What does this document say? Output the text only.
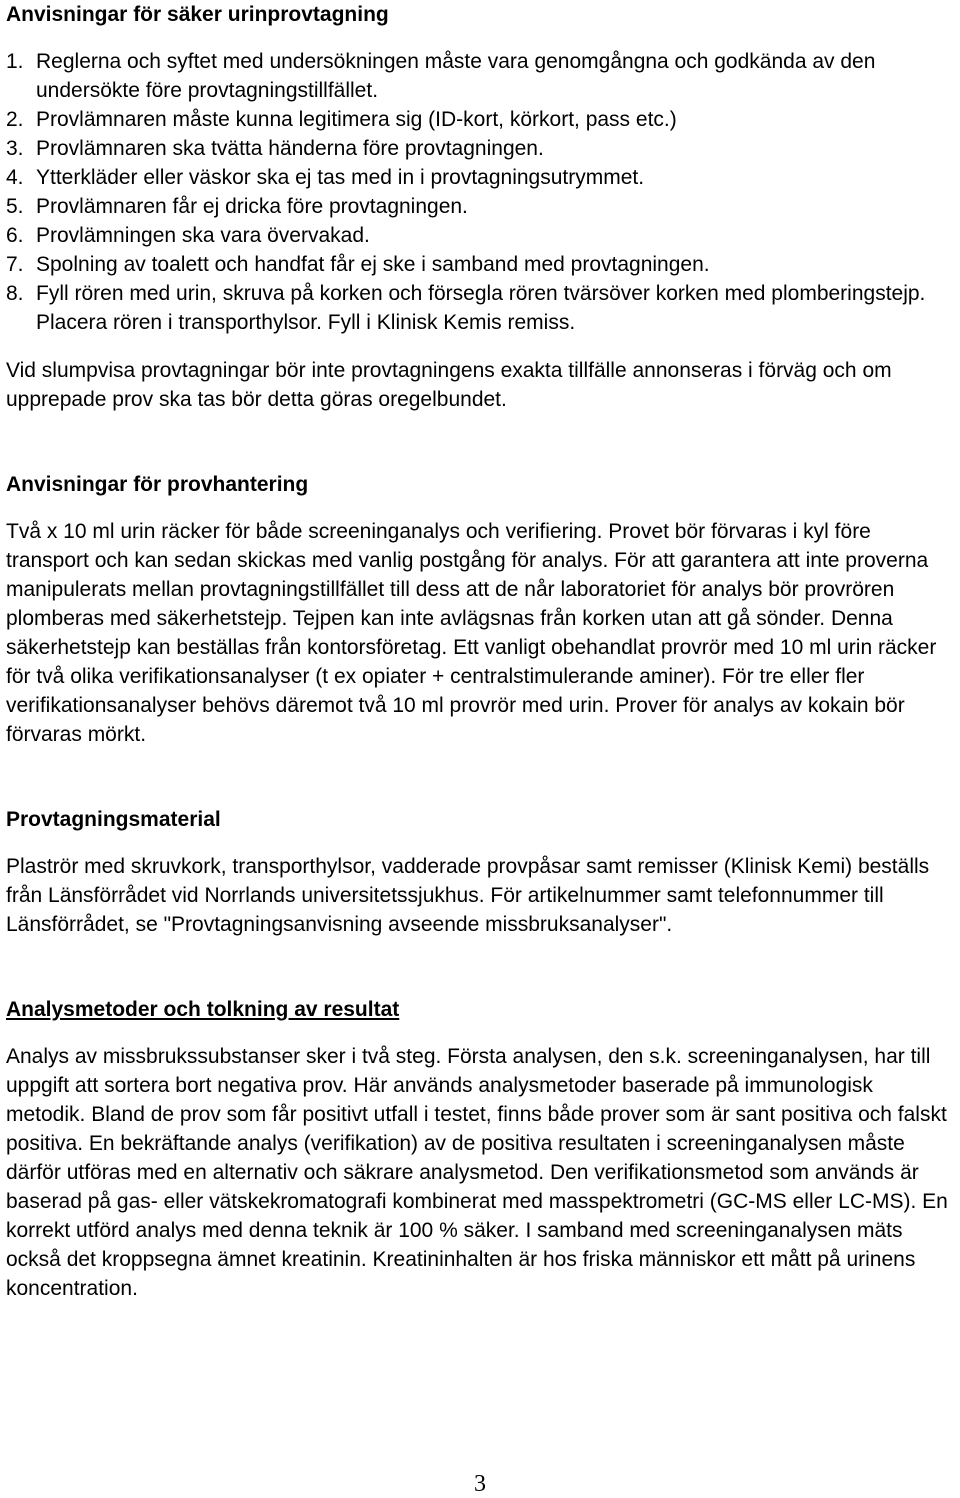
Anvisningar för säker urinprovtagning
1. Reglerna och syftet med undersökningen måste vara genomgångna och godkända av den undersökte före provtagningstillfället.
2. Provlämnaren måste kunna legitimera sig (ID-kort, körkort, pass etc.)
3. Provlämnaren ska tvätta händerna före provtagningen.
4. Ytterkläder eller väskor ska ej tas med in i provtagningsutrymmet.
5. Provlämnaren får ej dricka före provtagningen.
6. Provlämningen ska vara övervakad.
7. Spolning av toalett och handfat får ej ske i samband med provtagningen.
8. Fyll rören med urin, skruva på korken och försegla rören tvärsöver korken med plomberingstejp. Placera rören i transporthylsor. Fyll i Klinisk Kemis remiss.

Vid slumpvisa provtagningar bör inte provtagningens exakta tillfälle annonseras i förväg och om upprepade prov ska tas bör detta göras oregelbundet.

Anvisningar för provhantering

Två x 10 ml urin räcker för både screeninganalys och verifiering. Provet bör förvaras i kyl före transport och kan sedan skickas med vanlig postgång för analys. För att garantera att inte proverna manipulerats mellan provtagningstillfället till dess att de når laboratoriet för analys bör provrören plomberas med säkerhetstejp. Tejpen kan inte avlägsnas från korken utan att gå sönder. Denna säkerhetstejp kan beställas från kontorsföretag. Ett vanligt obehandlat provrör med 10 ml urin räcker för två olika verifikationsanalyser (t ex opiater + centralstimulerande aminer). För tre eller fler verifikationsanalyser behövs däremot två 10 ml provrör med urin. Prover för analys av kokain bör förvaras mörkt.

Provtagningsmaterial

Plaströr med skruvkork, transporthylsor, vadderade provpåsar samt remisser (Klinisk Kemi) beställs från Länsförrådet vid Norrlands universitetssjukhus. För artikelnummer samt telefonnummer till Länsförrådet, se "Provtagningsanvisning avseende missbruksanalyser".

Analysmetoder och tolkning av resultat

Analys av missbrukssubstanser sker i två steg. Första analysen, den s.k. screeninganalysen, har till uppgift att sortera bort negativa prov. Här används analysmetoder baserade på immunologisk metodik. Bland de prov som får positivt utfall i testet, finns både prover som är sant positiva och falskt positiva. En bekräftande analys (verifikation) av de positiva resultaten i screeninganalysen måste därför utföras med en alternativ och säkrare analysmetod. Den verifikationsmetod som används är baserad på gas- eller vätskekromatografi kombinerat med masspektrometri (GC-MS eller LC-MS). En korrekt utförd analys med denna teknik är 100 % säker. I samband med screeninganalysen mäts också det kroppsegna ämnet kreatinin. Kreatininhalten är hos friska människor ett mått på urinens koncentration.

3
